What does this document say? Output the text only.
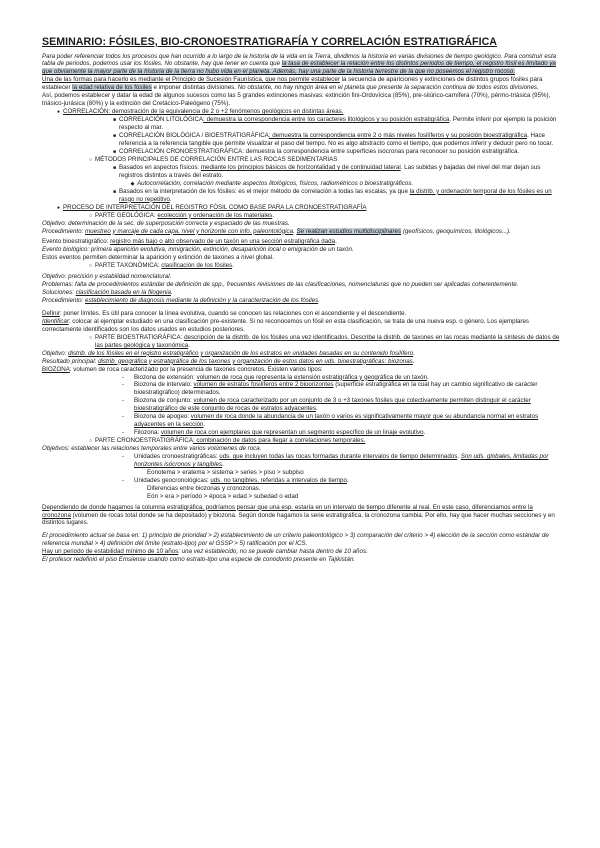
SEMINARIO: FÓSILES, BIO-CRONOESTRATIGRAFÍA Y CORRELACIÓN ESTRATIGRÁFICA

Para poder referenciar todos los procesos que han ocurrido a lo largo de la historia de la vida en la Tierra, dividimos la historia en varias divisiones de tiempo geológico. Para construir esta tabla de periodos, podemos usar los fósiles. No obstante, hay que tener en cuenta que la tasa de establecer la relación entre los distintos periodos de tiempo, el registro fósil es limitado ya que obviamente la mayor parte de la historia de la tierra no hubo vida en el planeta. Además, hay una parte de la historia terrestre de la que no poseemos el registro rocoso.

Una de las formas para hacerlo es mediante el Principio de Sucesión Faunística, que nos permite establecer la secuencia de apariciones y extinciones de distintos grupos fósiles para establecer la edad relativa de los fósiles e imponer distintas divisiones. No obstante, no hay ningún área en el planeta que presente la separación continua de todos estos divisiones.

Así, podemos establecer y datar la edad de algunos sucesos como las 5 grandes extinciones masivas: extinción fini-Ordovícica (85%), pre-silúrico-carnífera (70%), pérmo-triásica (95%), triásico-jurásica (80%) y la extinción del Cretácico-Paleógeno (75%).

● CORRELACIÓN: demostración de la equivalencia de 2 o +2 fenómenos geológicos en distintas áreas.
■ CORRELACIÓN LITOLÓGICA: demuestra la correspondencia entre los caracteres litológicos y su posición estratigráfica. Permite inferir por ejemplo la posición respecto al mar.
■ CORRELACIÓN BIOLÓGICA / BIOESTRATIGRÁFICA: demuestra la correspondencia entre 2 o más niveles fosilíferos y su posición bioestratigráfica. Hace referencia a la referencia tangible que permite visualizar el paso del tiempo. No es algo abstracto como el tiempo, que podemos inferir y deducir pero no tocar.
■ CORRELACIÓN CRONOESTRATIGRÁFICA: demuestra la correspondencia entre superficies isócronas para reconocer su posición estratigráfica.
○ MÉTODOS PRINCIPALES DE CORRELACIÓN ENTRE LAS ROCAS SEDIMENTARIAS
■ Basados en aspectos físicos: mediante los principios básicos de horizontalidad y de continuidad lateral. Las subidas y bajadas del nivel del mar dejan sus registros distintos a través del estrato.
◆ Autocorrelación, correlación mediante aspectos litológicos, físicos, radiométricos o bioestratigráficos.
■ Basados en la interpretación de los fósiles: es el mejor método de correlación a todas las escalas, ya que la distrib. y ordenación temporal de los fósiles es un rasgo no repetitivo.
● PROCESO DE INTERPRETACIÓN DEL REGISTRO FÓSIL COMO BASE PARA LA CRONOESTRATIGRAFÍA
○ PARTE GEOLÓGICA: ecolección y ordenación de los materiales.

Objetivo: determinación de la sec. de superposición correcta y espaciado de las muestras.

Procedimiento: muestreo y marcaje de cada capa, nivel y horizonte con info. paleontológica. Se realizan estudios multidisciplinares (geofísicos, geoquímicos, litológicos...).

Evento bioestratigráfico: registro más bajo o alto observado de un taxón en una sección estratigráfica dada.

Evento biológico: primera aparición evolutiva, inmigración, extinción, desaparición local o emigración de un taxón.

Estos eventos permiten determinar la aparición y extinción de taxones a nivel global.

○ PARTE TAXONÓMICA: clasificación de los fósiles.

Objetivo: precisión y estabilidad nomenclatural.

Problemas: falta de procedimientos estándar de definición de spp., frecuentes revisiones de las clasificaciones, nomenclaturas que no pueden ser aplicadas coherentemente.

Soluciones: clasificación basada en la filogenia.

Procedimiento: establecimiento de diagnosis mediante la definición y la caracterización de los fósiles.

Definir: poner límites. Es útil para conocer la línea evolutiva, cuando se conocen las relaciones con el ascendiente y el descendiente.

Identificar: colocar al ejemplar estudiado en una clasificación pre-existente. Si no reconocemos un fósil en esta clasificación, se trata de una nueva esp. o género. Los ejemplares correctamente identificados son los datos usados en estudios posteriores.

○ PARTE BIOESTRATIGRÁFICA: descripción de la distrib. de los fósiles una vez identificados. Describe la distrib. de taxones en las rocas mediante la síntesis de datos de las partes geológica y taxonómica.

Objetivo: distrib. de los fósiles en el registro estratigráfico y organización de los estratos en unidades basadas en su contenido fosilífero.

Resultado principal: distrib. geográfica y estratigráfica de los taxones y organización de estos datos en uds. bioestratigráficas: biozonas.

BIOZONA: volumen de roca caracterizado por la presencia de taxones concretos. Existen varios tipos:

-	Biozona de extensión: volumen de roca que representa la extensión estratigráfica y geográfica de un taxón.
-	Biozona de intervalo: volumen de estratos fosilíferos entre 2 bioorizontes (superficie estratigráfica en la cual hay un cambio significativo de carácter bioestratigráfico) determinados.
-	Biozona de conjunto: volumen de roca caracterizado por un conjunto de 3 o +3 taxones fósiles que colectivamente permiten distinguir el carácter bioestratigráfico de este conjunto de rocas de estratos adyacentes.
-	Biozona de apogeo: volumen de roca donde la abundancia de un taxón o varios es significativamente mayor que su abundancia normal en estratos adyacentes en la sección.
-	Filozona: volumen de roca con ejemplares que representan un segmento específico de un linaje evolutivo.
○ PARTE CRONOESTRATIGRÁFICA: combinación de datos para llegar a correlaciones temporales.

Objetivos: establecer las relaciones temporales entre varios volúmenes de roca.

-	Unidades cronoestratigráficas: uds. que incluyen todas las rocas formadas durante intervalos de tiempo determinados. Son uds. globales, limitadas por horizontes isócronos y tangibles.

Eonotema > eratema > sistema > series > piso > subpiso

-	Unidades geocronológicas: uds. no tangibles, referidas a intervalos de tiempo.

Diferencias entre biozonas y cronozonas.

Eón > era > período > época > edad > subedad o edad

Dependiendo de donde hagamos la columna estratigráfica, podríamos pensar que una esp. estaría en un intervalo de tiempo diferente al real. En este caso, diferenciamos entre la cronozona (volumen de rocas total donde se ha depositado) y biozona. Según donde hagamos la serie estratigráfica, la cronozona cambia. Por ello, hay que hacer muchas secciones y en distintos lugares.

El procedimiento actual se basa en: 1) principio de prioridad > 2) establecimiento de un criterio paleontológico > 3) comparación del criterio > 4) elección de la sección como estándar de referencia mundial > 4) definición del límite (estrato-tipo) por el GSSP > 5) ratificación por el ICS.

Hay un periodo de estabilidad mínimo de 10 años: una vez establecido, no se puede cambiar hasta dentro de 10 años.

El profesor redefinió el piso Emsiense usando como estrato-tipo una especie de conodonto presente en Tajikistán.
